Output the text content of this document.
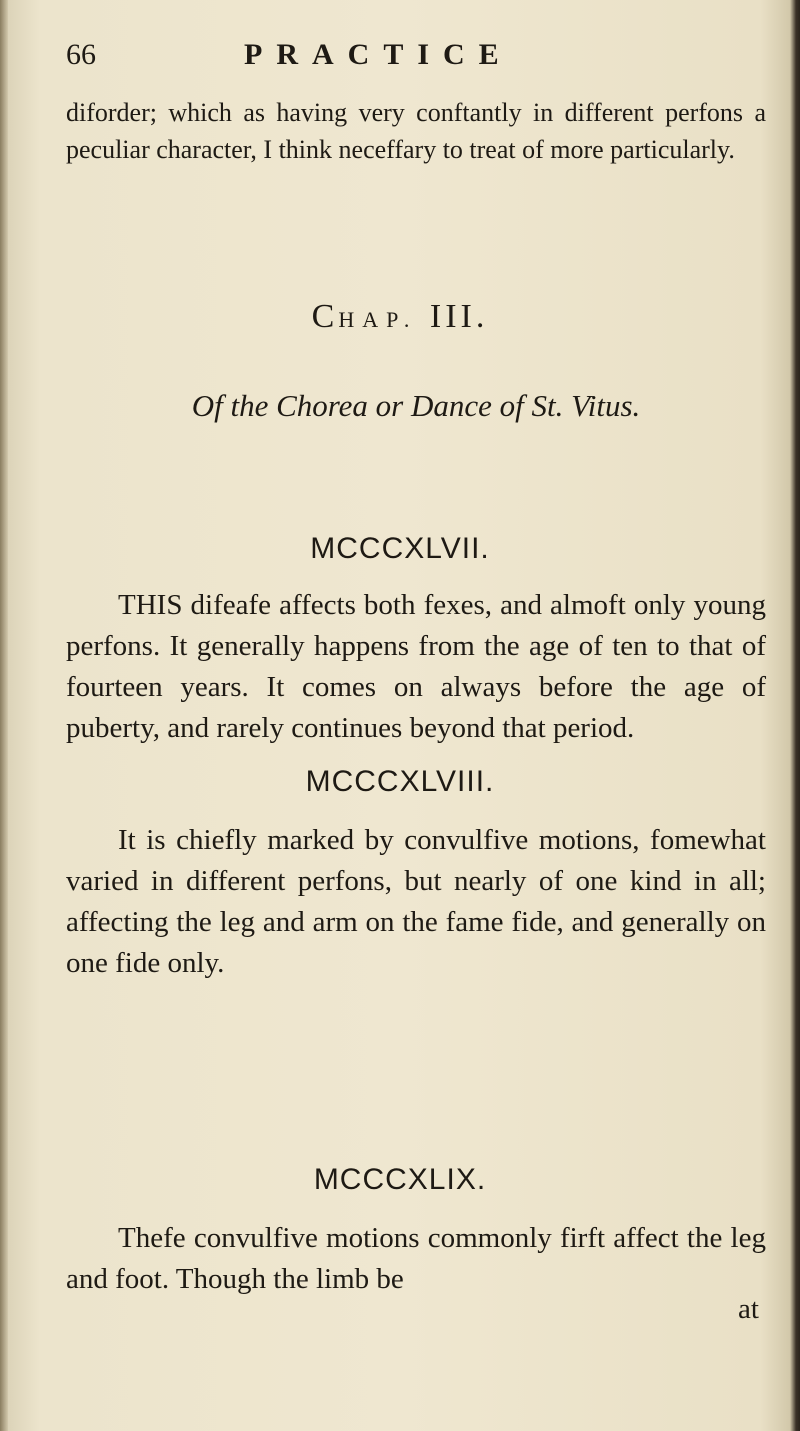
66	PRACTICE

diforder; which as having very conftantly in different perfons a peculiar character, I think neceffary to treat of more particularly.

CHAP. III.
Of the Chorea or Dance of St. Vitus.
MCCCXLVII.

THIS difeafe affects both fexes, and almoft only young perfons. It generally happens from the age of ten to that of fourteen years. It comes on always before the age of puberty, and rarely continues beyond that period.

MCCCXLVIII.

It is chiefly marked by convulfive motions, fomewhat varied in different perfons, but nearly of one kind in all; affecting the leg and arm on the fame fide, and generally on one fide only.

MCCCXLIX.

Thefe convulfive motions commonly firft affect the leg and foot. Though the limb be

at
